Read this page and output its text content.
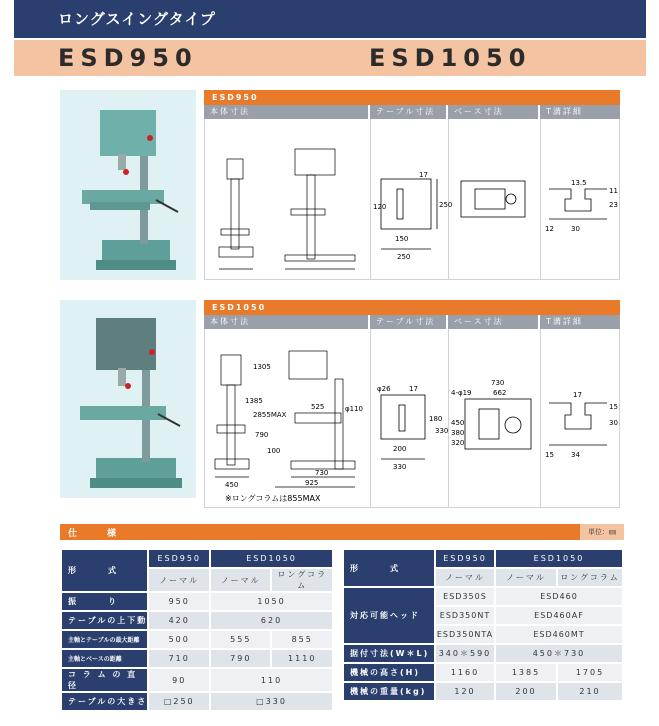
ロングスイングタイプ
ESD950	ESD1050
ESD950
本体寸法	テーブル寸法	ベース寸法	T溝詳細
17
120	250
150
250
13.5
11
23
12 30
ESD1050
本体寸法	テーブル寸法	ベース寸法	T溝詳細
1305
1385
2855MAX
790
100
525	φ110
450
730
925
※ロングコラムは855MAX
φ26	17
180
330
200
330
4-φ19
730
662
450
380
320
17
15
30
15 34
仕　　様	単位：㎜
形　　　式	ESD950	ESD1050	
	ノーマル	ノーマル	ロングコラム
振　　　り	950	1050	
テーブルの上下動	420	620	
主軸とテーブルの最大距離	500	555	855
主軸とベースの距離	710	790	1110
コ ラ ム の 直 径	90	110	
テーブルの大きさ	□250	□330	
形　　　式	ESD950	ESD1050	
	ノーマル	ノーマル	ロングコラム
対応可能ヘッド	ESD350S	ESD460	
	ESD350NT	ESD460AF	
	ESD350NTA	ESD460MT	
据付寸法(W＊L)	340＊590	450＊730	
機械の高さ(H)	1160	1385	1705
機械の重量(kg)	120	200	210
